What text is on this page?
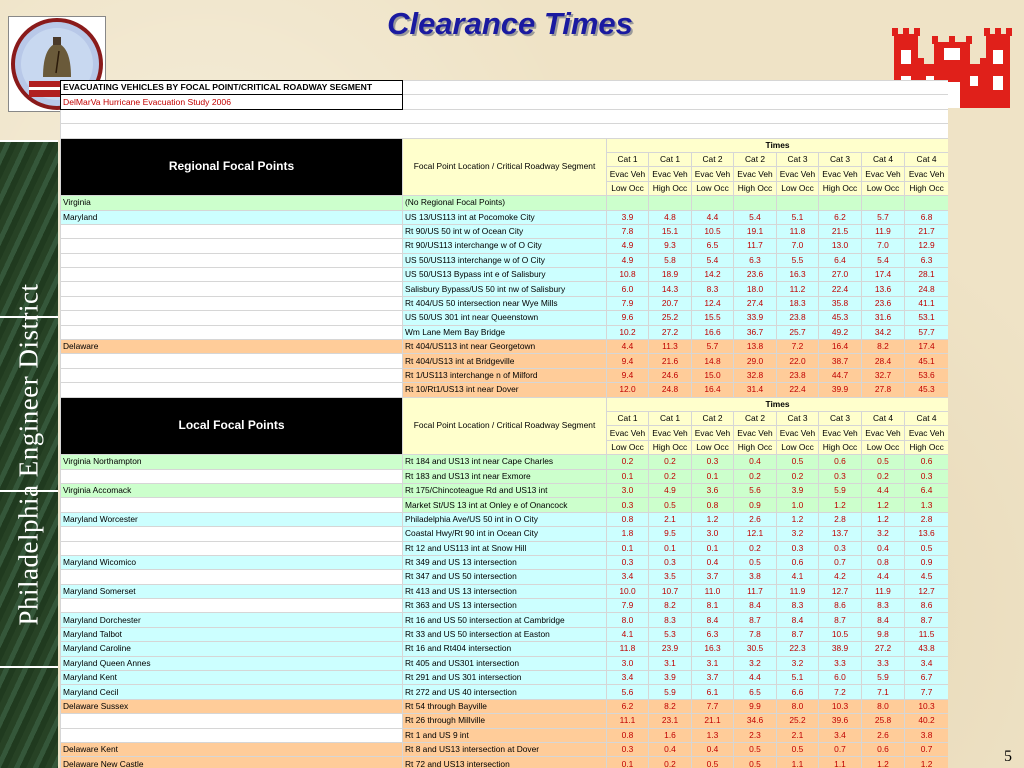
Clearance Times
Philadelphia Engineer District
EVACUATING VEHICLES BY FOCAL POINT/CRITICAL ROADWAY SEGMENT									
DelMarVa Hurricane Evacuation Study 2006									

Regional Focal Points	Focal Point Location / Critical Roadway Segment	Times							
		Cat 1	Cat 1	Cat 2	Cat 2	Cat 3	Cat 3	Cat 4	Cat 4
		Evac Veh	Evac Veh	Evac Veh	Evac Veh	Evac Veh	Evac Veh	Evac Veh	Evac Veh
		Low Occ	High Occ	Low Occ	High Occ	Low Occ	High Occ	Low Occ	High Occ
Virginia	(No Regional Focal Points)								
Maryland	US 13/US113 int at Pocomoke City	3.9	4.8	4.4	5.4	5.1	6.2	5.7	6.8
	Rt 90/US 50 int w of Ocean City	7.8	15.1	10.5	19.1	11.8	21.5	11.9	21.7
	Rt 90/US113 interchange w of O City	4.9	9.3	6.5	11.7	7.0	13.0	7.0	12.9
	US 50/US113 interchange w of O City	4.9	5.8	5.4	6.3	5.5	6.4	5.4	6.3
	US 50/US13 Bypass int e of Salisbury	10.8	18.9	14.2	23.6	16.3	27.0	17.4	28.1
	Salisbury Bypass/US 50 int nw of Salisbury	6.0	14.3	8.3	18.0	11.2	22.4	13.6	24.8
	Rt 404/US 50 intersection near Wye Mills	7.9	20.7	12.4	27.4	18.3	35.8	23.6	41.1
	US 50/US 301 int near Queenstown	9.6	25.2	15.5	33.9	23.8	45.3	31.6	53.1
	Wm Lane Mem Bay Bridge	10.2	27.2	16.6	36.7	25.7	49.2	34.2	57.7
Delaware	Rt 404/US113 int near Georgetown	4.4	11.3	5.7	13.8	7.2	16.4	8.2	17.4
	Rt 404/US13 int at Bridgeville	9.4	21.6	14.8	29.0	22.0	38.7	28.4	45.1
	Rt 1/US113 interchange n of Milford	9.4	24.6	15.0	32.8	23.8	44.7	32.7	53.6
	Rt 10/Rt1/US13 int near Dover	12.0	24.8	16.4	31.4	22.4	39.9	27.8	45.3
Local Focal Points	Focal Point Location / Critical Roadway Segment	Times							
		Cat 1	Cat 1	Cat 2	Cat 2	Cat 3	Cat 3	Cat 4	Cat 4
		Evac Veh	Evac Veh	Evac Veh	Evac Veh	Evac Veh	Evac Veh	Evac Veh	Evac Veh
		Low Occ	High Occ	Low Occ	High Occ	Low Occ	High Occ	Low Occ	High Occ
Virginia Northampton	Rt 184 and US13 int near Cape Charles	0.2	0.2	0.3	0.4	0.5	0.6	0.5	0.6
	Rt 183 and US13 int near Exmore	0.1	0.2	0.1	0.2	0.2	0.3	0.2	0.3
Virginia Accomack	Rt 175/Chincoteague Rd and US13 int	3.0	4.9	3.6	5.6	3.9	5.9	4.4	6.4
	Market St/US 13 int at Onley e of Onancock	0.3	0.5	0.8	0.9	1.0	1.2	1.2	1.3
Maryland Worcester	Philadelphia Ave/US 50 int in O City	0.8	2.1	1.2	2.6	1.2	2.8	1.2	2.8
	Coastal Hwy/Rt 90 int in Ocean City	1.8	9.5	3.0	12.1	3.2	13.7	3.2	13.6
	Rt 12 and US113 int at Snow Hill	0.1	0.1	0.1	0.2	0.3	0.3	0.4	0.5
Maryland Wicomico	Rt 349 and US 13 intersection	0.3	0.3	0.4	0.5	0.6	0.7	0.8	0.9
	Rt 347 and US 50 intersection	3.4	3.5	3.7	3.8	4.1	4.2	4.4	4.5
Maryland Somerset	Rt 413 and US 13 intersection	10.0	10.7	11.0	11.7	11.9	12.7	11.9	12.7
	Rt 363 and US 13 intersection	7.9	8.2	8.1	8.4	8.3	8.6	8.3	8.6
Maryland Dorchester	Rt 16 and US 50 intersection at Cambridge	8.0	8.3	8.4	8.7	8.4	8.7	8.4	8.7
Maryland Talbot	Rt 33 and US 50 intersection at Easton	4.1	5.3	6.3	7.8	8.7	10.5	9.8	11.5
Maryland Caroline	Rt 16 and Rt404 intersection	11.8	23.9	16.3	30.5	22.3	38.9	27.2	43.8
Maryland Queen Annes	Rt 405 and US301 intersection	3.0	3.1	3.1	3.2	3.2	3.3	3.3	3.4
Maryland Kent	Rt 291 and US 301 intersection	3.4	3.9	3.7	4.4	5.1	6.0	5.9	6.7
Maryland Cecil	Rt 272 and US 40 intersection	5.6	5.9	6.1	6.5	6.6	7.2	7.1	7.7
Delaware Sussex	Rt 54 through Bayville	6.2	8.2	7.7	9.9	8.0	10.3	8.0	10.3
	Rt 26 through Millville	11.1	23.1	21.1	34.6	25.2	39.6	25.8	40.2
	Rt 1 and US 9 int	0.8	1.6	1.3	2.3	2.1	3.4	2.6	3.8
Delaware Kent	Rt 8 and US13 intersection at Dover	0.3	0.4	0.4	0.5	0.5	0.7	0.6	0.7
Delaware New Castle	Rt 72 and US13 intersection	0.1	0.2	0.5	0.5	1.1	1.1	1.2	1.2	5
